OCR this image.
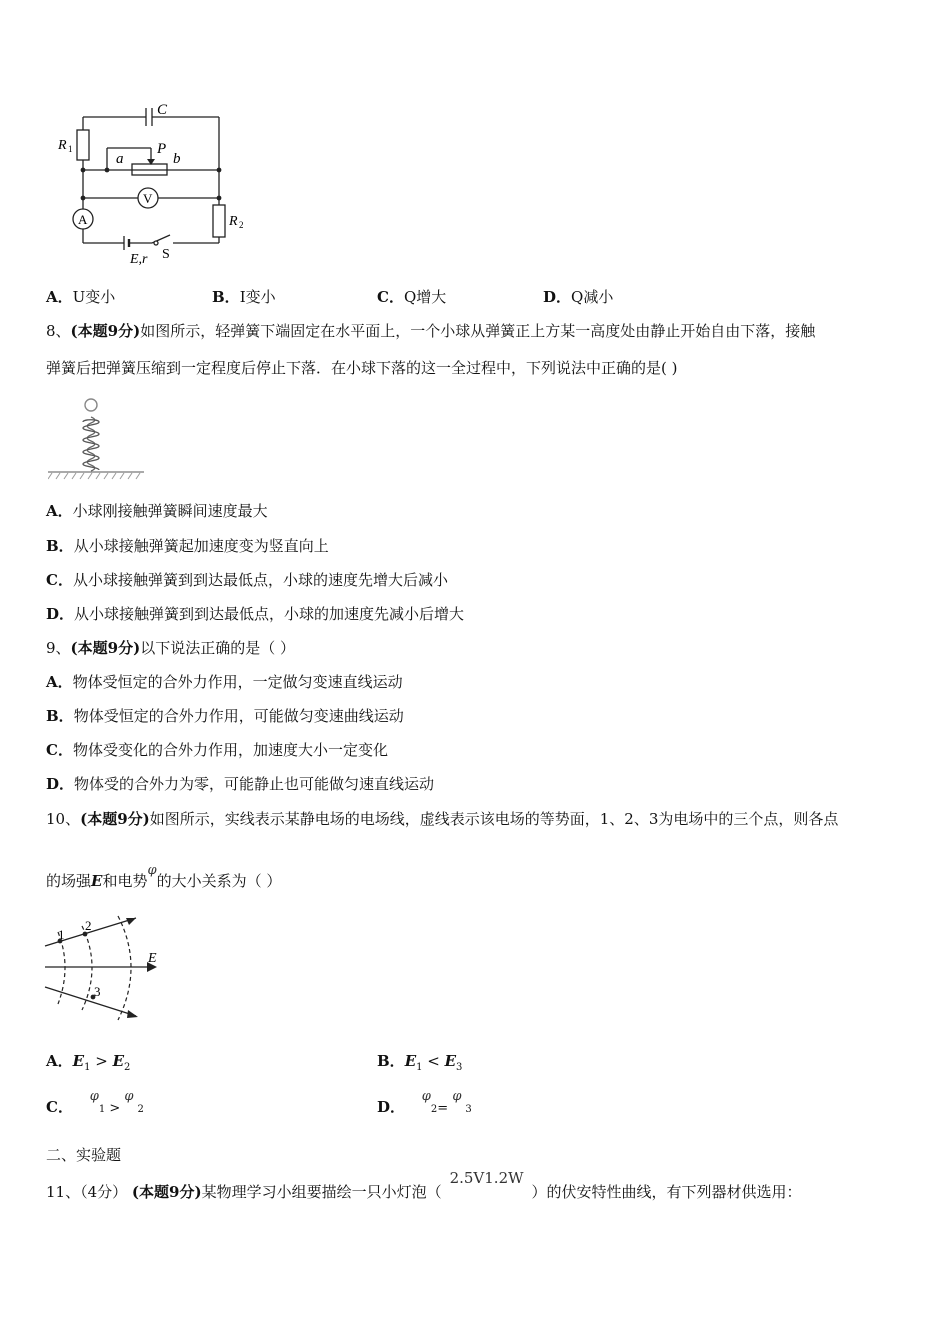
C
R 1
a
P
b
V
A	R 2
E,r S
A．U变小	B．I变小	C．Q增大	D．Q减小
8、(本题9分)如图所示，轻弹簧下端固定在水平面上，一个小球从弹簧正上方某一高度处由静止开始自由下落，接触
弹簧后把弹簧压缩到一定程度后停止下落．在小球下落的这一全过程中，下列说法中正确的是( )
A．小球刚接触弹簧瞬间速度最大
B．从小球接触弹簧起加速度变为竖直向上
C．从小球接触弹簧到到达最低点，小球的速度先增大后减小
D．从小球接触弹簧到到达最低点，小球的加速度先减小后增大
9、(本题9分)以下说法正确的是（ ）
A．物体受恒定的合外力作用，一定做匀变速直线运动
B．物体受恒定的合外力作用，可能做匀变速曲线运动
C．物体受变化的合外力作用，加速度大小一定变化
D．物体受的合外力为零，可能静止也可能做匀速直线运动
10、(本题9分)如图所示，实线表示某静电场的电场线，虚线表示该电场的等势面，1、2、3为电场中的三个点，则各点
的场强E和电势φ的大小关系为（ ）
1
2
3
E
A．$E_1 > E_2$	B．$E_1 < E_3$
C． φ1 > φ2	D． φ2= φ3
二、实验题
11、（4分） (本题9分)某物理学习小组要描绘一只小灯泡（2.5V1.2W）的伏安特性曲线，有下列器材供选用：
